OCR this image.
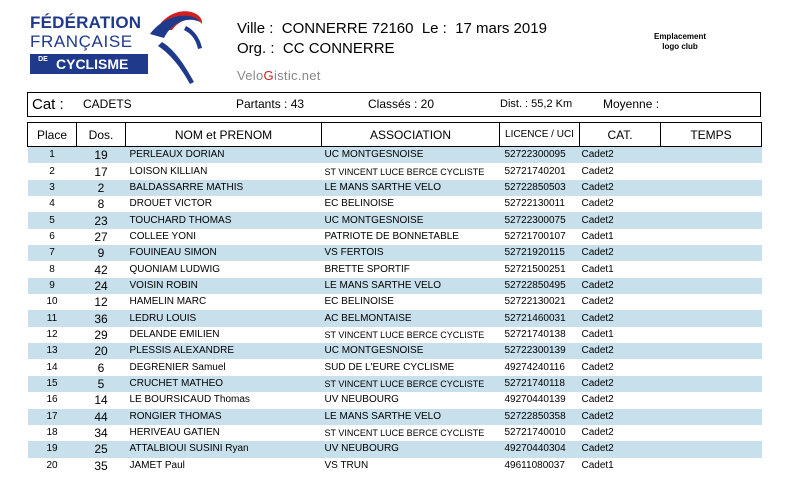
FÉDÉRATION
FRANÇAISE
DE CYCLISME
Ville : CONNERRE 72160 Le : 17 mars 2019
Org. : CC CONNERRE
VeloGistic.net
Emplacement
logo club
Cat : CADETS	Partants : 43	Classés : 20	Dist. : 55,2 Km	Moyenne :
Place	Dos.	NOM et PRENOM	ASSOCIATION	LICENCE / UCI	CAT.	TEMPS
1	19	PERLEAUX DORIAN	UC MONTGESNOISE	52722300095	Cadet2	
2	17	LOISON KILLIAN	ST VINCENT LUCE BERCE CYCLISTE	52721740201	Cadet2	
3	2	BALDASSARRE MATHIS	LE MANS SARTHE VELO	52722850503	Cadet2	
4	8	DROUET VICTOR	EC BELINOISE	52722130011	Cadet2	
5	23	TOUCHARD THOMAS	UC MONTGESNOISE	52722300075	Cadet2	
6	27	COLLEE YONI	PATRIOTE DE BONNETABLE	52721700107	Cadet1	
7	9	FOUINEAU SIMON	VS FERTOIS	52721920115	Cadet2	
8	42	QUONIAM LUDWIG	BRETTE SPORTIF	52721500251	Cadet1	
9	24	VOISIN ROBIN	LE MANS SARTHE VELO	52722850495	Cadet2	
10	12	HAMELIN MARC	EC BELINOISE	52722130021	Cadet2	
11	36	LEDRU LOUIS	AC BELMONTAISE	52721460031	Cadet2	
12	29	DELANDE EMILIEN	ST VINCENT LUCE BERCE CYCLISTE	52721740138	Cadet1	
13	20	PLESSIS ALEXANDRE	UC MONTGESNOISE	52722300139	Cadet2	
14	6	DEGRENIER Samuel	SUD DE L'EURE CYCLISME	49274240116	Cadet2	
15	5	CRUCHET MATHEO	ST VINCENT LUCE BERCE CYCLISTE	52721740118	Cadet2	
16	14	LE BOURSICAUD Thomas	UV NEUBOURG	49270440139	Cadet2	
17	44	RONGIER THOMAS	LE MANS SARTHE VELO	52722850358	Cadet2	
18	34	HERIVEAU GATIEN	ST VINCENT LUCE BERCE CYCLISTE	52721740010	Cadet2	
19	25	ATTALBIOUI SUSINI Ryan	UV NEUBOURG	49270440304	Cadet2	
20	35	JAMET Paul	VS TRUN	49611080037	Cadet1	
